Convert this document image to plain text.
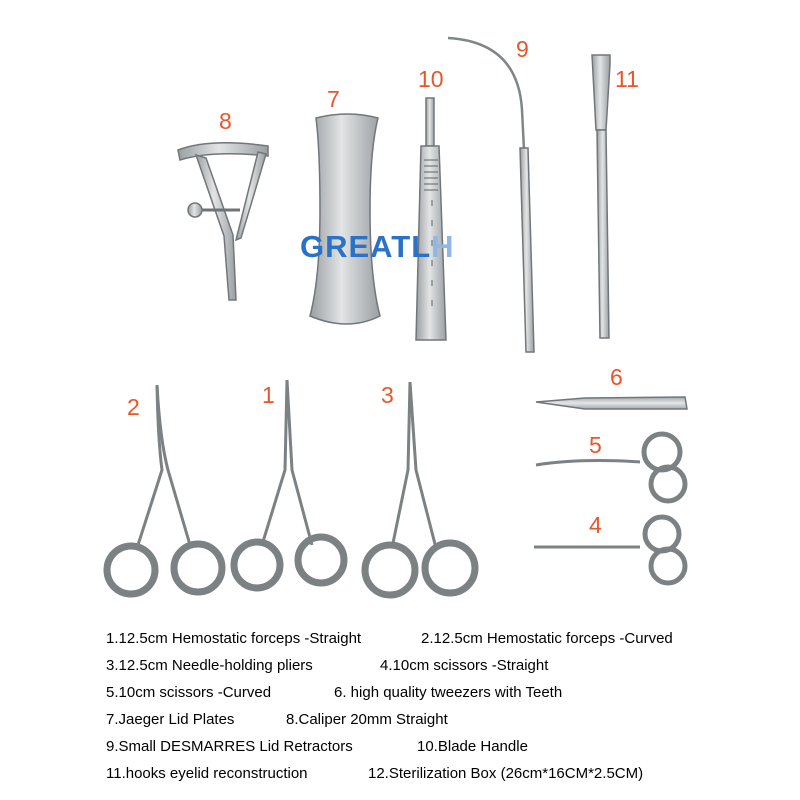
GREATLH
8
7
10
9
11
2	1	3
6
5
4
1.12.5cm Hemostatic forceps -Straight	2.12.5cm Hemostatic forceps -Curved
3.12.5cm Needle-holding pliers	4.10cm scissors -Straight
5.10cm scissors -Curved	6. high quality tweezers with Teeth
7.Jaeger Lid Plates	8.Caliper 20mm Straight
9.Small DESMARRES Lid Retractors	10.Blade Handle
11.hooks eyelid reconstruction	12.Sterilization Box (26cm*16CM*2.5CM)
